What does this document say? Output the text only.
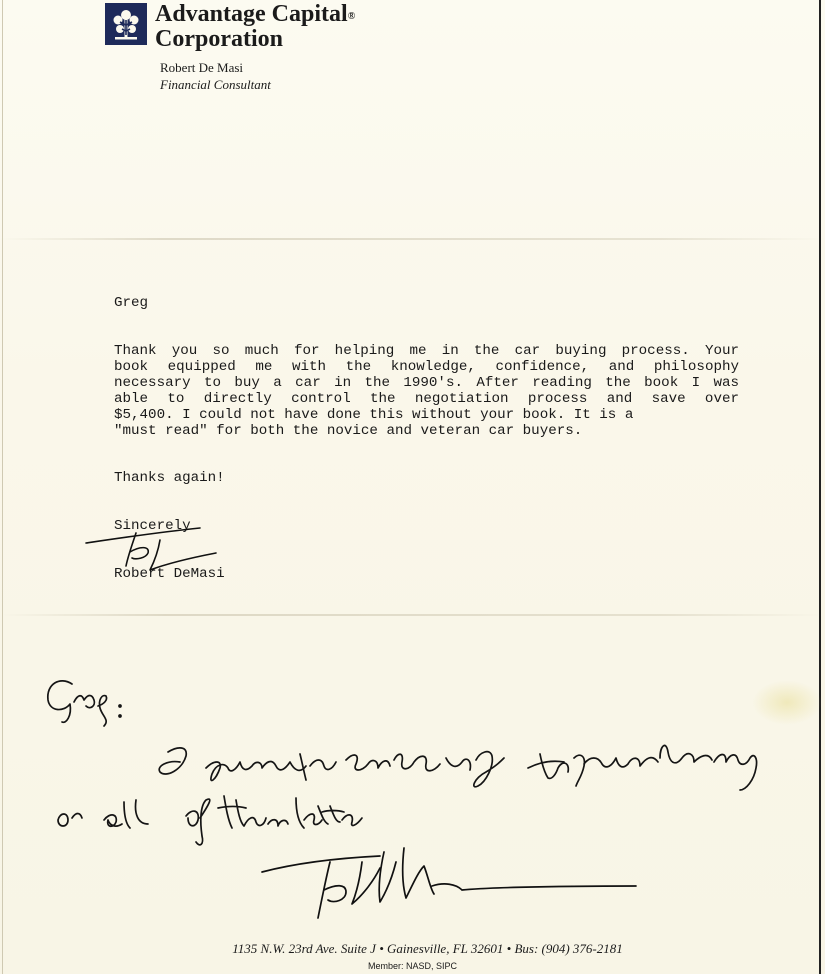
Advantage Capital®
Corporation
Robert De Masi
Financial Consultant
Greg
Thank you so much for helping me in the car buying process. Your
book equipped me with the knowledge, confidence, and philosophy
necessary to buy a car in the 1990's. After reading the book I was
able to directly control the negotiation process and save over
$5,400. I could not have done this without your book. It is a
"must read" for both the novice and veteran car buyers.
Thanks again!
Sincerely
Robert DeMasi
1135 N.W. 23rd Ave. Suite J • Gainesville, FL 32601 • Bus: (904) 376-2181
Member: NASD, SIPC
